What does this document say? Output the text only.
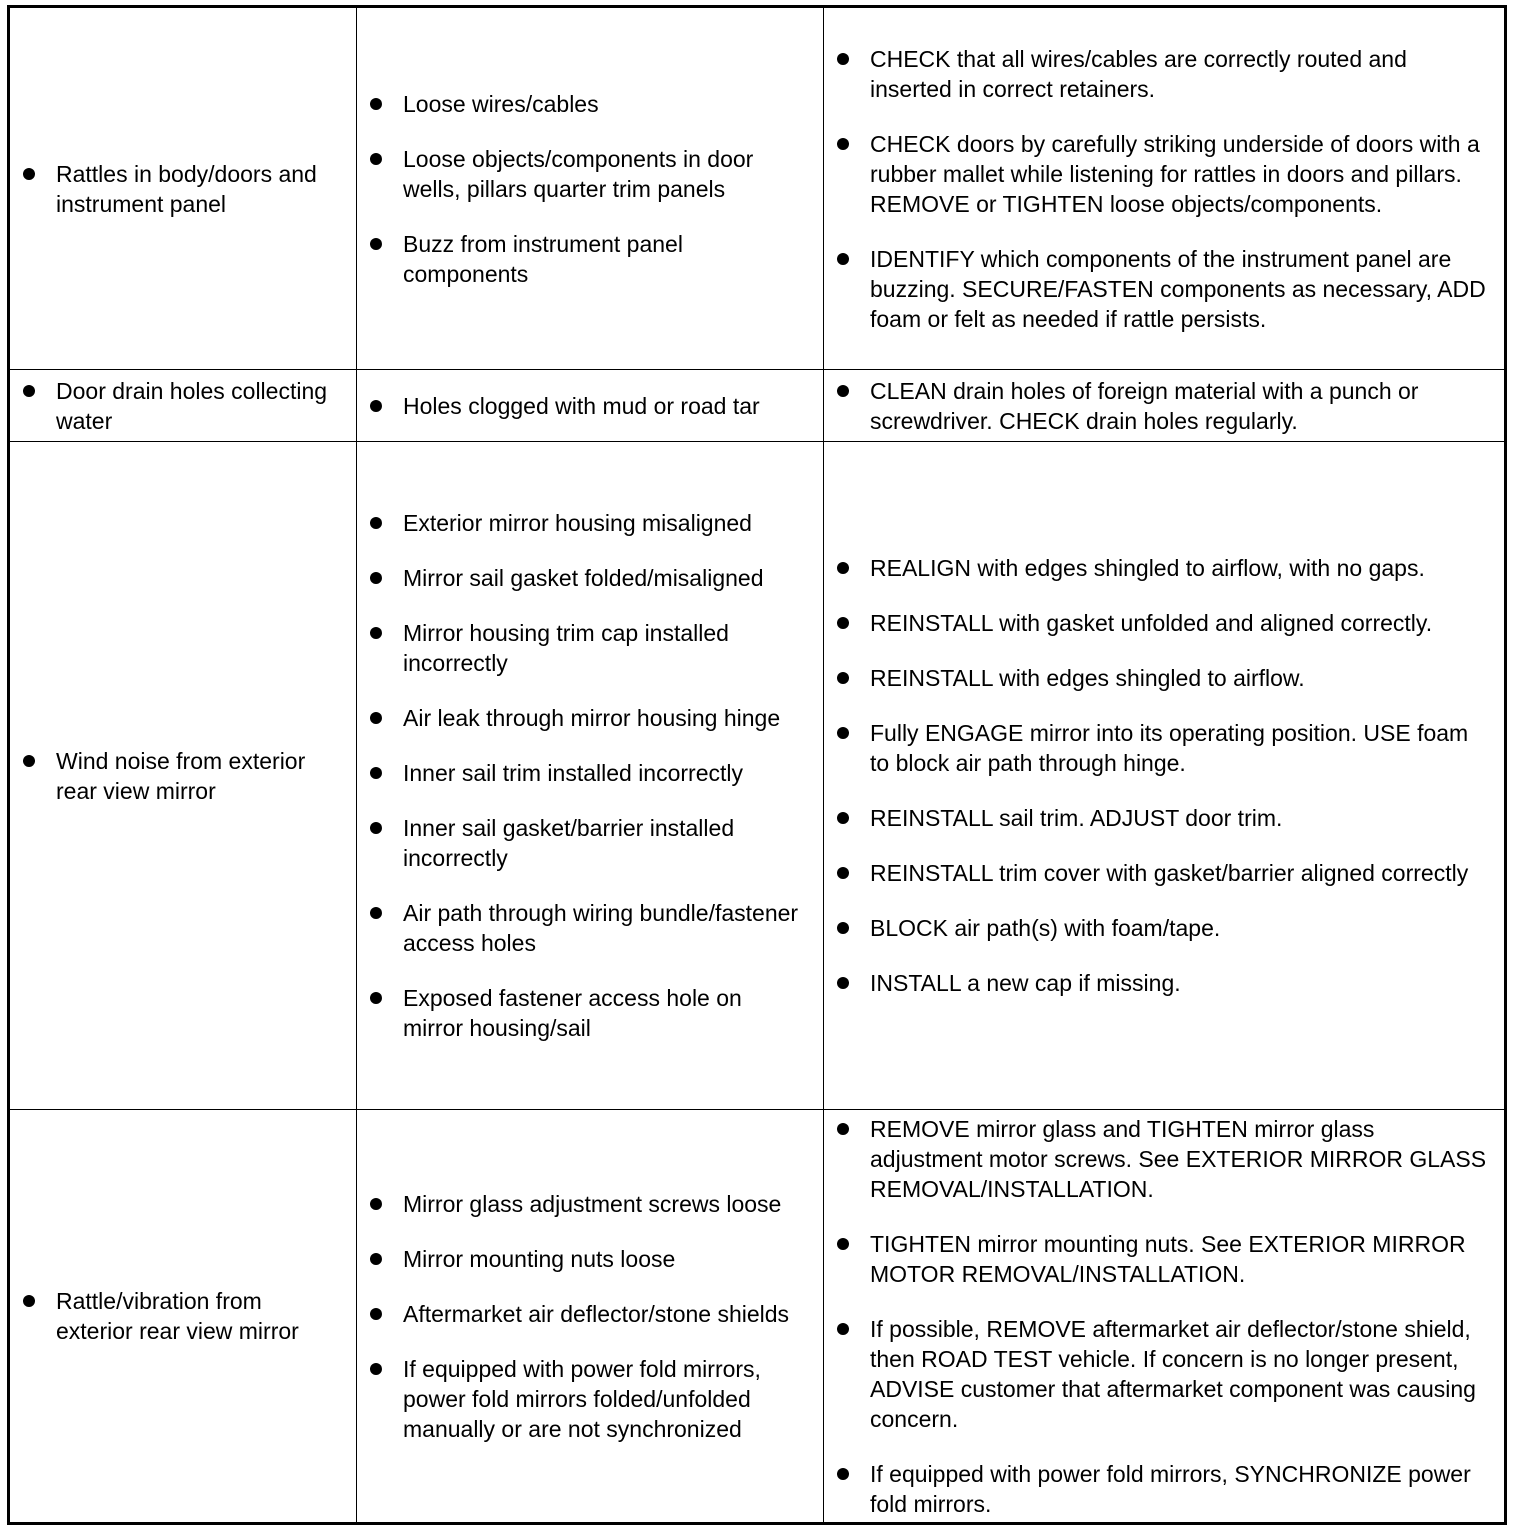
Rattles in body/doors and instrument panel
Loose wires/cables
Loose objects/components in door wells, pillars quarter trim panels
Buzz from instrument panel components
CHECK that all wires/cables are correctly routed and inserted in correct retainers.
CHECK doors by carefully striking underside of doors with a rubber mallet while listening for rattles in doors and pillars. REMOVE or TIGHTEN loose objects/components.
IDENTIFY which components of the instrument panel are buzzing. SECURE/FASTEN components as necessary, ADD foam or felt as needed if rattle persists.
Door drain holes collecting water
Holes clogged with mud or road tar
CLEAN drain holes of foreign material with a punch or screwdriver. CHECK drain holes regularly.
Wind noise from exterior rear view mirror
Exterior mirror housing misaligned
Mirror sail gasket folded/misaligned
Mirror housing trim cap installed incorrectly
Air leak through mirror housing hinge
Inner sail trim installed incorrectly
Inner sail gasket/barrier installed incorrectly
Air path through wiring bundle/fastener access holes
Exposed fastener access hole on mirror housing/sail
REALIGN with edges shingled to airflow, with no gaps.
REINSTALL with gasket unfolded and aligned correctly.
REINSTALL with edges shingled to airflow.
Fully ENGAGE mirror into its operating position. USE foam to block air path through hinge.
REINSTALL sail trim. ADJUST door trim.
REINSTALL trim cover with gasket/barrier aligned correctly
BLOCK air path(s) with foam/tape.
INSTALL a new cap if missing.
Rattle/vibration from exterior rear view mirror
Mirror glass adjustment screws loose
Mirror mounting nuts loose
Aftermarket air deflector/stone shields
If equipped with power fold mirrors, power fold mirrors folded/unfolded manually or are not synchronized
REMOVE mirror glass and TIGHTEN mirror glass adjustment motor screws. See EXTERIOR MIRROR GLASS REMOVAL/INSTALLATION.
TIGHTEN mirror mounting nuts. See EXTERIOR MIRROR MOTOR REMOVAL/INSTALLATION.
If possible, REMOVE aftermarket air deflector/stone shield, then ROAD TEST vehicle. If concern is no longer present, ADVISE customer that aftermarket component was causing concern.
If equipped with power fold mirrors, SYNCHRONIZE power fold mirrors.
